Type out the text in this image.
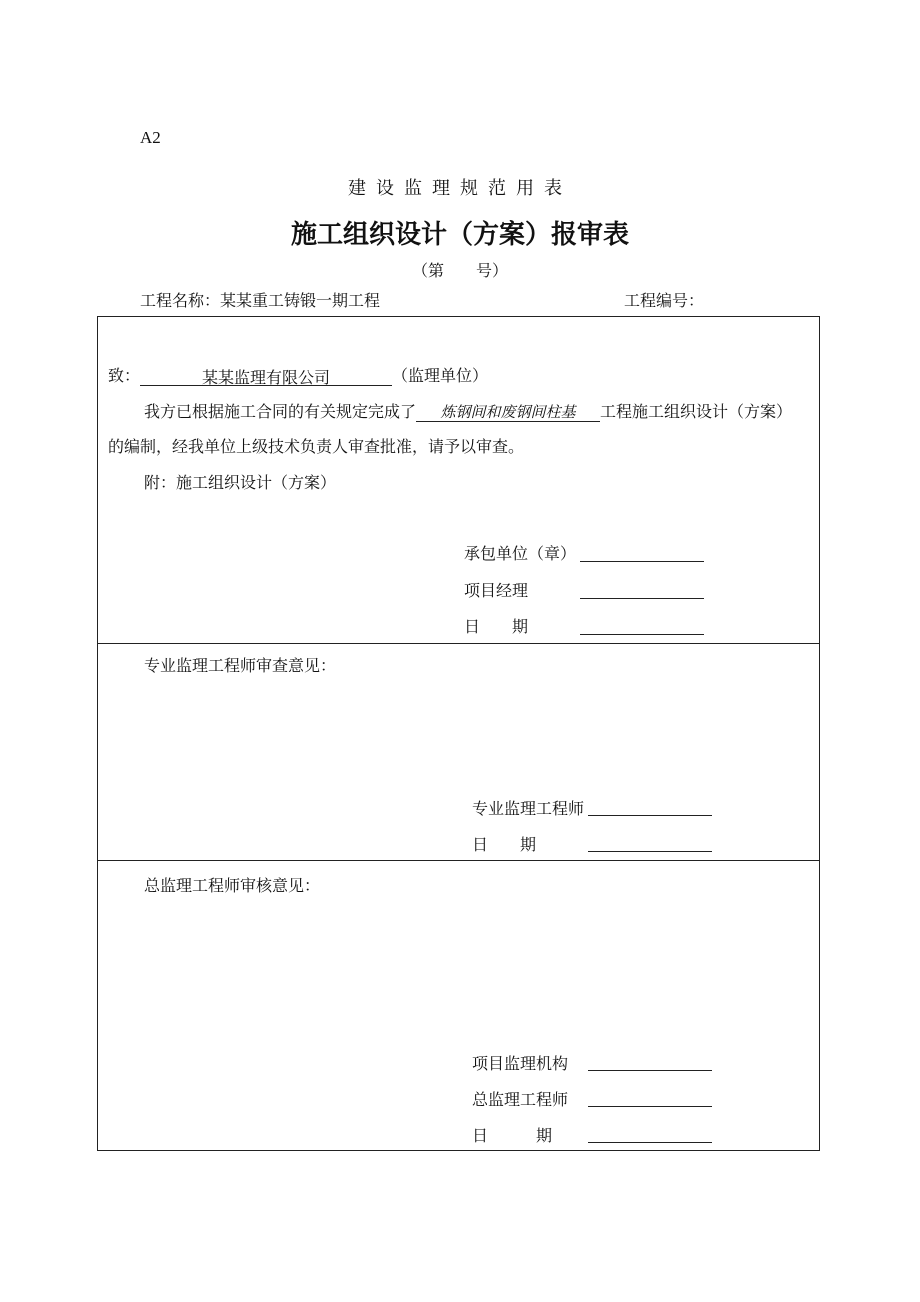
A2
建设监理规范用表
施工组织设计（方案）报审表
（第　　号）
工程名称：某某重工铸锻一期工程	工程编号：
致：	某某监理有限公司	（监理单位）
我方已根据施工合同的有关规定完成了 炼钢间和废钢间柱基 工程施工组织设计（方案）
的编制，经我单位上级技术负责人审查批准，请予以审查。
附：施工组织设计（方案）
承包单位（章）
项目经理
日　　期
专业监理工程师审查意见：
专业监理工程师
日　　期
总监理工程师审核意见：
项目监理机构
总监理工程师
日　　　期
